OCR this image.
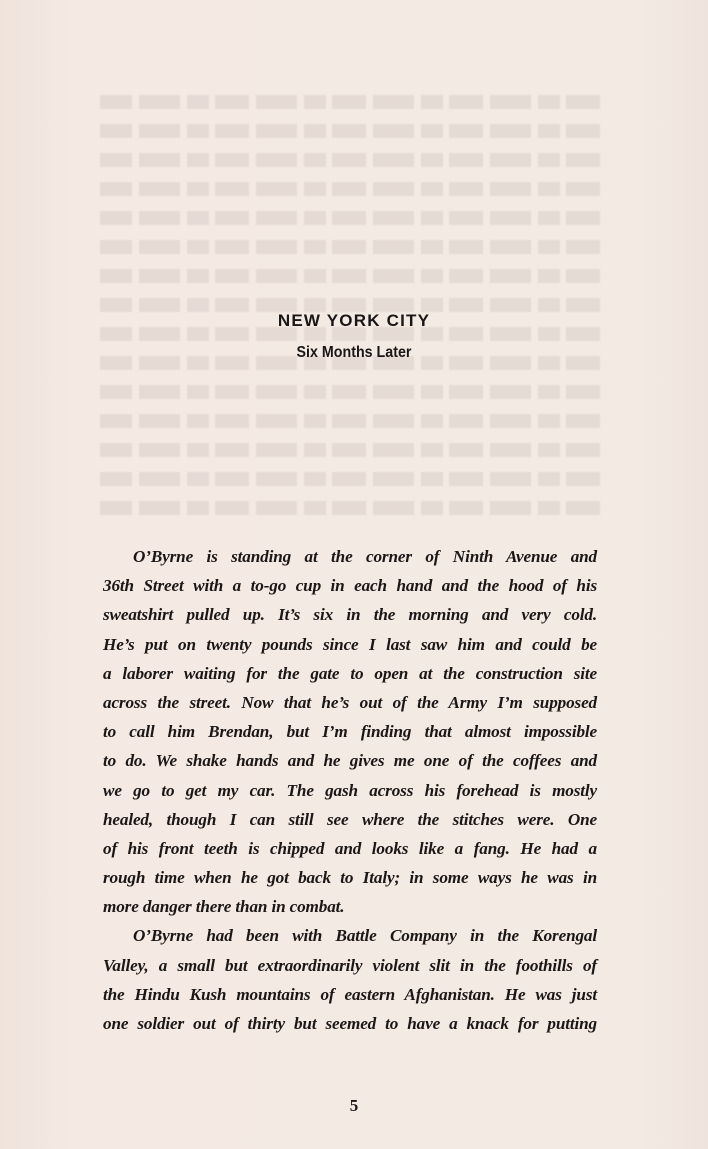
NEW YORK CITY
Six Months Later
O’Byrne is standing at the corner of Ninth Avenue and
36th Street with a to-go cup in each hand and the hood of his
sweatshirt pulled up. It’s six in the morning and very cold.
He’s put on twenty pounds since I last saw him and could be
a laborer waiting for the gate to open at the construction site
across the street. Now that he’s out of the Army I’m supposed
to call him Brendan, but I’m finding that almost impossible
to do. We shake hands and he gives me one of the coffees and
we go to get my car. The gash across his forehead is mostly
healed, though I can still see where the stitches were. One
of his front teeth is chipped and looks like a fang. He had a
rough time when he got back to Italy; in some ways he was in
more danger there than in combat.
O’Byrne had been with Battle Company in the Korengal
Valley, a small but extraordinarily violent slit in the foothills of
the Hindu Kush mountains of eastern Afghanistan. He was just
one soldier out of thirty but seemed to have a knack for putting
5
